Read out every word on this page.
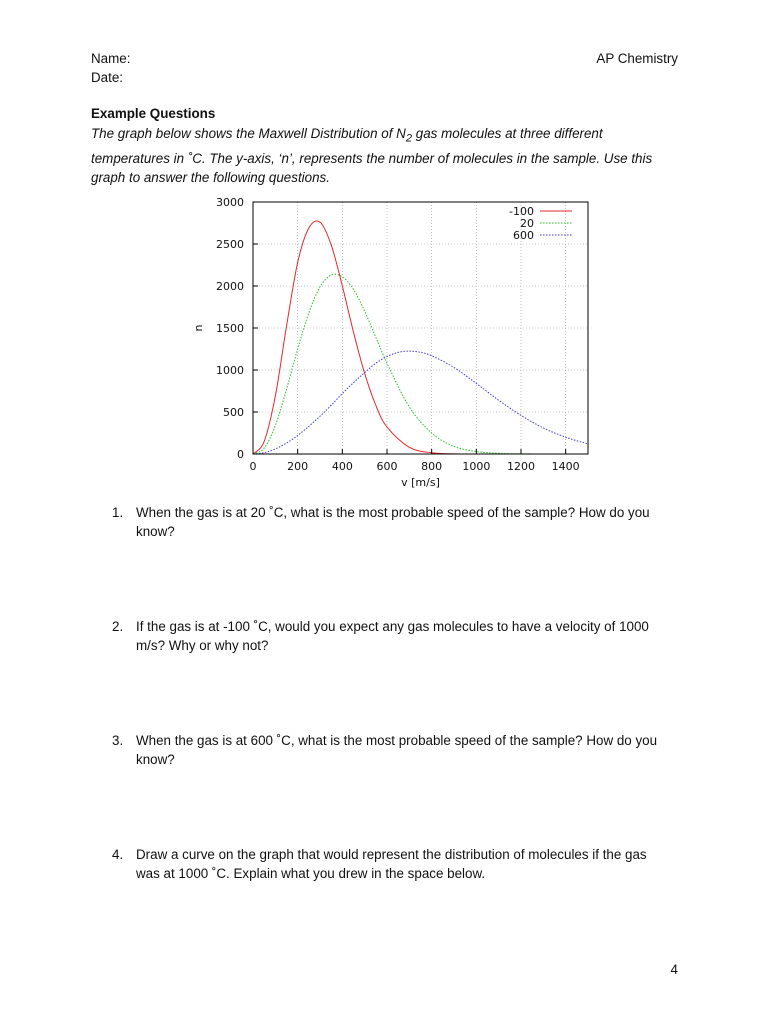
Name:
Date:
AP Chemistry
Example Questions
The graph below shows the Maxwell Distribution of $N_2$ gas molecules at three different temperatures in ˚C. The y-axis, ‘n’, represents the number of molecules in the sample. Use this graph to answer the following questions.
0
500
1000
1500
2000
2500
3000
0	200 400 600 800 1000 1200 1400
v [m/s]
n
-100
20
600
1. When the gas is at 20 ˚C, what is the most probable speed of the sample? How do you know?
2. If the gas is at -100 ˚C, would you expect any gas molecules to have a velocity of 1000 m/s? Why or why not?
3. When the gas is at 600 ˚C, what is the most probable speed of the sample? How do you know?
4. Draw a curve on the graph that would represent the distribution of molecules if the gas was at 1000 ˚C. Explain what you drew in the space below.
4
